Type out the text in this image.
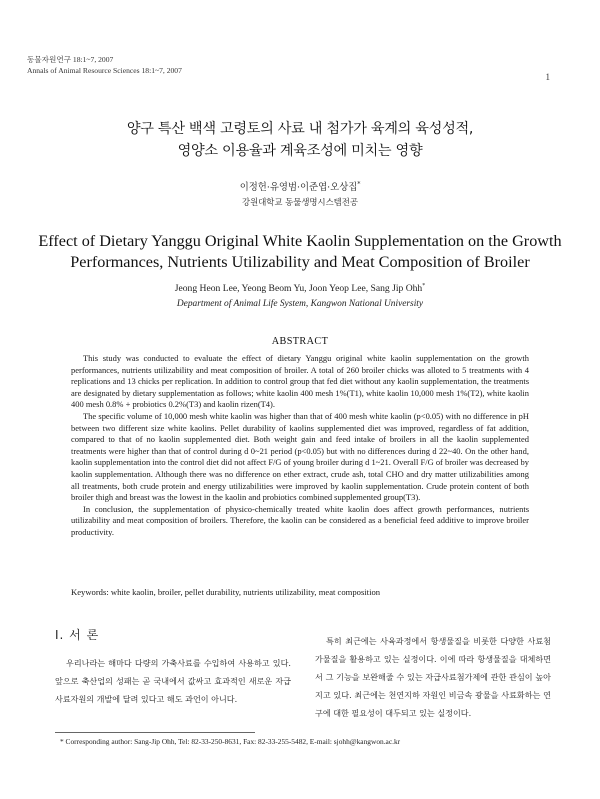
동물자원연구 18:1~7, 2007
Annals of Animal Resource Sciences 18:1~7, 2007
1
양구 특산 백색 고령토의 사료 내 첨가가 육계의 육성성적,
영양소 이용율과 계육조성에 미치는 영향
이정헌·유영범·이준엽·오상집*
강원대학교 동물생명시스템전공
Effect of Dietary Yanggu Original White Kaolin Supplementation on the Growth
Performances, Nutrients Utilizability and Meat Composition of Broiler
Jeong Heon Lee, Yeong Beom Yu, Joon Yeop Lee, Sang Jip Ohh*
Department of Animal Life System, Kangwon National University
ABSTRACT

This study was conducted to evaluate the effect of dietary Yanggu original white kaolin supplementation on the growth performances, nutrients utilizability and meat composition of broiler. A total of 260 broiler chicks was alloted to 5 treatments with 4 replications and 13 chicks per replication. In addition to control group that fed diet without any kaolin supplementation, the treatments are designated by dietary supplementation as follows; white kaolin 400 mesh 1%(T1), white kaolin 10,000 mesh 1%(T2), white kaolin 400 mesh 0.8% + probiotics 0.2%(T3) and kaolin rizen(T4).

The specific volume of 10,000 mesh white kaolin was higher than that of 400 mesh white kaolin (p<0.05) with no difference in pH between two different size white kaolins. Pellet durability of kaolins supplemented diet was improved, regardless of fat addition, compared to that of no kaolin supplemented diet. Both weight gain and feed intake of broilers in all the kaolin supplemented treatments were higher than that of control during d 0~21 period (p<0.05) but with no differences during d 22~40. On the other hand, kaolin supplementation into the control diet did not affect F/G of young broiler during d 1~21. Overall F/G of broiler was decreased by kaolin supplementation. Although there was no difference on ether extract, crude ash, total CHO and dry matter utilizabilities among all treatments, both crude protein and energy utilizabilities were improved by kaolin supplementation. Crude protein content of both broiler thigh and breast was the lowest in the kaolin and probiotics combined supplemented group(T3).

In conclusion, the supplementation of physico-chemically treated white kaolin does affect growth performances, nutrients utilizability and meat composition of broilers. Therefore, the kaolin can be considered as a beneficial feed additive to improve broiler productivity.

Keywords: white kaolin, broiler, pellet durability, nutrients utilizability, meat composition
Ⅰ. 서 론

우리나라는 해마다 다량의 가축사료를 수입하여 사용하고 있다. 앞으로 축산업의 성패는 곧 국내에서 값싸고 효과적인 새로운 자급사료자원의 개발에 달려 있다고 해도 과언이 아니다.

특히 최근에는 사육과정에서 항생물질을 비롯한 다양한 사료첨가물질을 활용하고 있는 실정이다. 이에 따라 항생물질을 대체하면서 그 기능을 보완해줄 수 있는 자급사료첨가제에 관한 관심이 높아지고 있다. 최근에는 천연지하 자원인 비금속 광물을 사료화하는 연구에 대한 필요성이 대두되고 있는 실정이다.

* Corresponding author: Sang-Jip Ohh, Tel: 82-33-250-8631, Fax: 82-33-255-5482, E-mail: sjohh@kangwon.ac.kr
